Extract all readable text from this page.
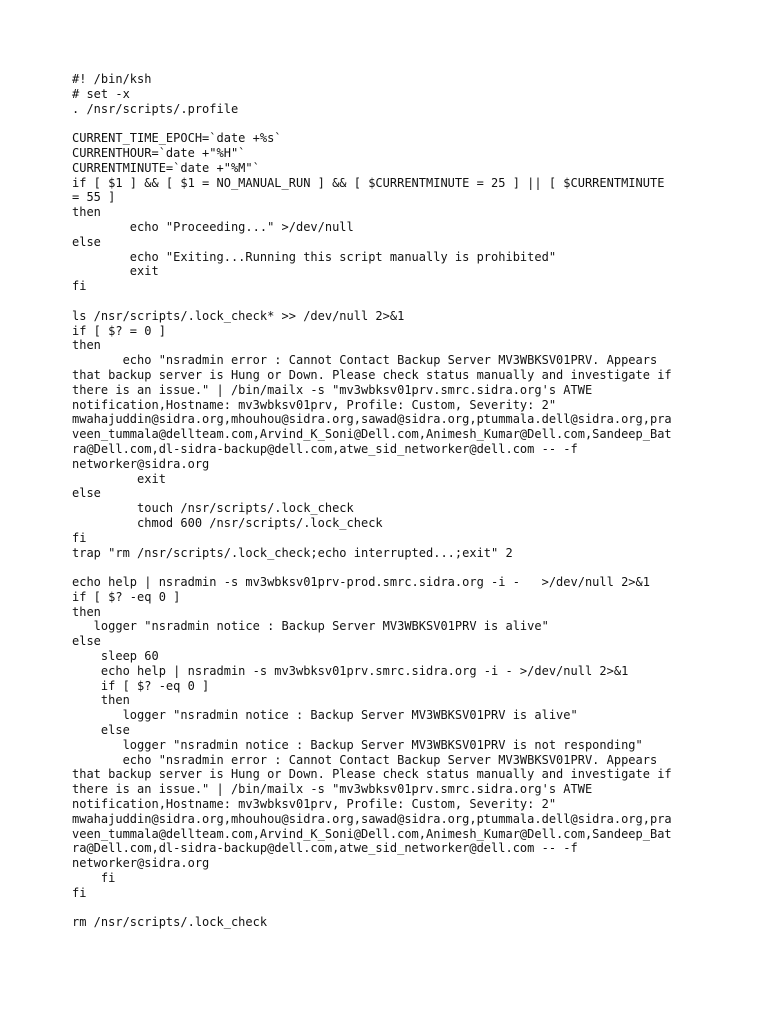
#! /bin/ksh
# set -x
. /nsr/scripts/.profile
CURRENT_TIME_EPOCH=`date +%s`
CURRENTHOUR=`date +"%H"`
CURRENTMINUTE=`date +"%M"`
if [ $1 ] && [ $1 = NO_MANUAL_RUN ] && [ $CURRENTMINUTE = 25 ] || [ $CURRENTMINUTE
= 55 ]
then
echo "Proceeding..." >/dev/null
else
echo "Exiting...Running this script manually is prohibited"
exit
fi
ls /nsr/scripts/.lock_check* >> /dev/null 2>&1
if [ $? = 0 ]
then
echo "nsradmin error : Cannot Contact Backup Server MV3WBKSV01PRV. Appears
that backup server is Hung or Down. Please check status manually and investigate if
there is an issue." | /bin/mailx -s "mv3wbksv01prv.smrc.sidra.org's ATWE
notification,Hostname: mv3wbksv01prv, Profile: Custom, Severity: 2"
mwahajuddin@sidra.org,mhouhou@sidra.org,sawad@sidra.org,ptummala.dell@sidra.org,pra
veen_tummala@dellteam.com,Arvind_K_Soni@Dell.com,Animesh_Kumar@Dell.com,Sandeep_Bat
ra@Dell.com,dl-sidra-backup@dell.com,atwe_sid_networker@dell.com -- -f
networker@sidra.org
exit
else
touch /nsr/scripts/.lock_check
chmod 600 /nsr/scripts/.lock_check
fi
trap "rm /nsr/scripts/.lock_check;echo interrupted...;exit" 2
echo help | nsradmin -s mv3wbksv01prv-prod.smrc.sidra.org -i -   >/dev/null 2>&1
if [ $? -eq 0 ]
then
logger "nsradmin notice : Backup Server MV3WBKSV01PRV is alive"
else
sleep 60
echo help | nsradmin -s mv3wbksv01prv.smrc.sidra.org -i - >/dev/null 2>&1
if [ $? -eq 0 ]
then
logger "nsradmin notice : Backup Server MV3WBKSV01PRV is alive"
else
logger "nsradmin notice : Backup Server MV3WBKSV01PRV is not responding"
echo "nsradmin error : Cannot Contact Backup Server MV3WBKSV01PRV. Appears
that backup server is Hung or Down. Please check status manually and investigate if
there is an issue." | /bin/mailx -s "mv3wbksv01prv.smrc.sidra.org's ATWE
notification,Hostname: mv3wbksv01prv, Profile: Custom, Severity: 2"
mwahajuddin@sidra.org,mhouhou@sidra.org,sawad@sidra.org,ptummala.dell@sidra.org,pra
veen_tummala@dellteam.com,Arvind_K_Soni@Dell.com,Animesh_Kumar@Dell.com,Sandeep_Bat
ra@Dell.com,dl-sidra-backup@dell.com,atwe_sid_networker@dell.com -- -f
networker@sidra.org
fi
fi
rm /nsr/scripts/.lock_check
